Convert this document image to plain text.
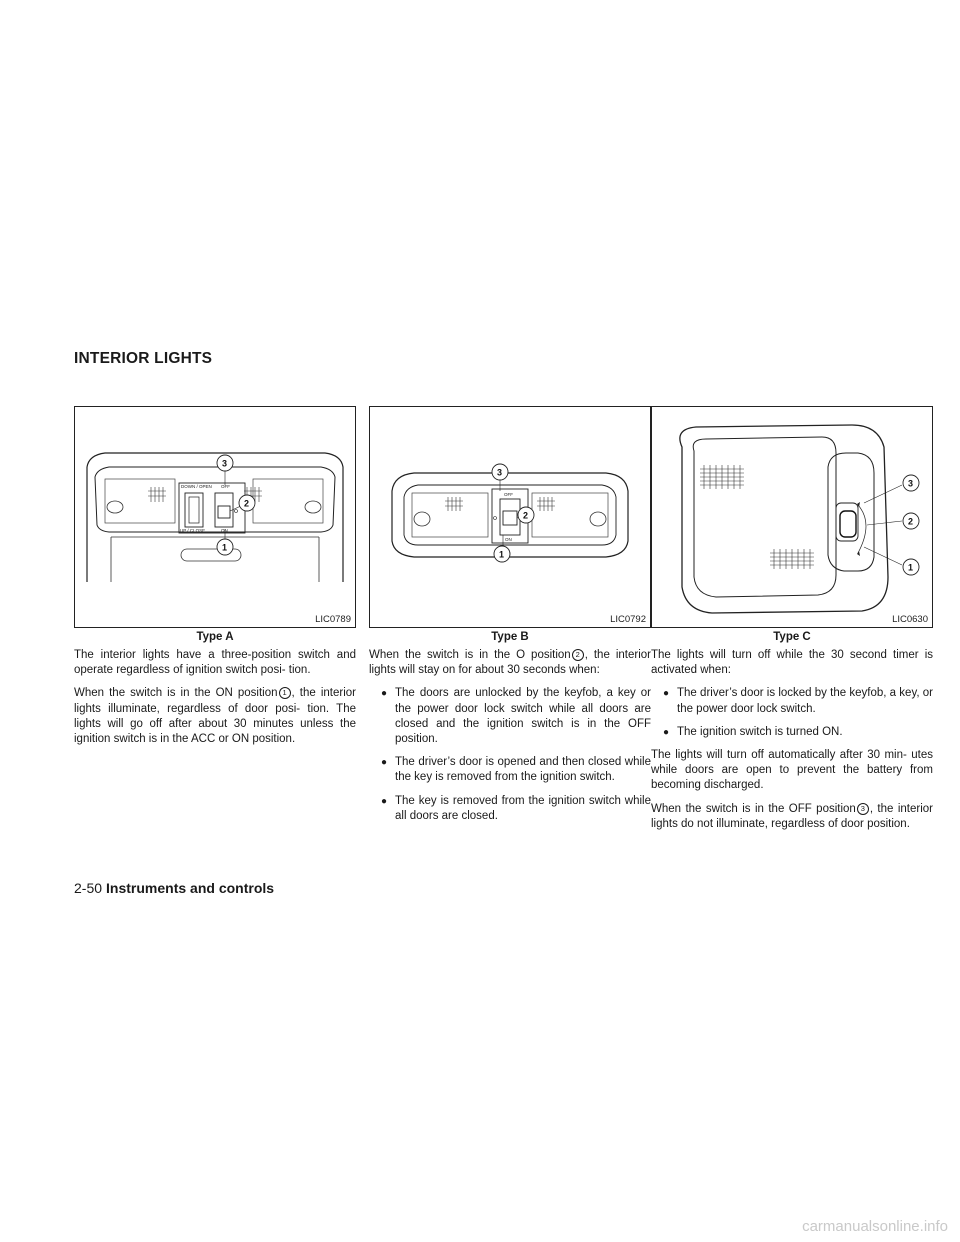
INTERIOR LIGHTS
DOWN / OPEN OFF
UP / CLOSE	ON
3
2
1
LIC0789
Type A
OFF
ON
3
2
1
LIC0792
Type B
3
2
1
LIC0630
Type C

The interior lights have a three-position switch and operate regardless of ignition switch posi- tion.

When the switch is in the ON position 1 , the interior lights illuminate, regardless of door posi- tion. The lights will go off after about 30 minutes unless the ignition switch is in the ACC or ON position.

When the switch is in the O position 2 , the interior lights will stay on for about 30 seconds when:

● The doors are unlocked by the keyfob, a key or the power door lock switch while all doors are closed and the ignition switch is in the OFF position.
● The driver’s door is opened and then closed while the key is removed from the ignition switch.
● The key is removed from the ignition switch while all doors are closed.

The lights will turn off while the 30 second timer is activated when:

● The driver’s door is locked by the keyfob, a key, or the power door lock switch.
● The ignition switch is turned ON.

The lights will turn off automatically after 30 min- utes while doors are open to prevent the battery from becoming discharged.

When the switch is in the OFF position 3 , the interior lights do not illuminate, regardless of door position.

2-50 Instruments and controls
carmanualsonline.info
